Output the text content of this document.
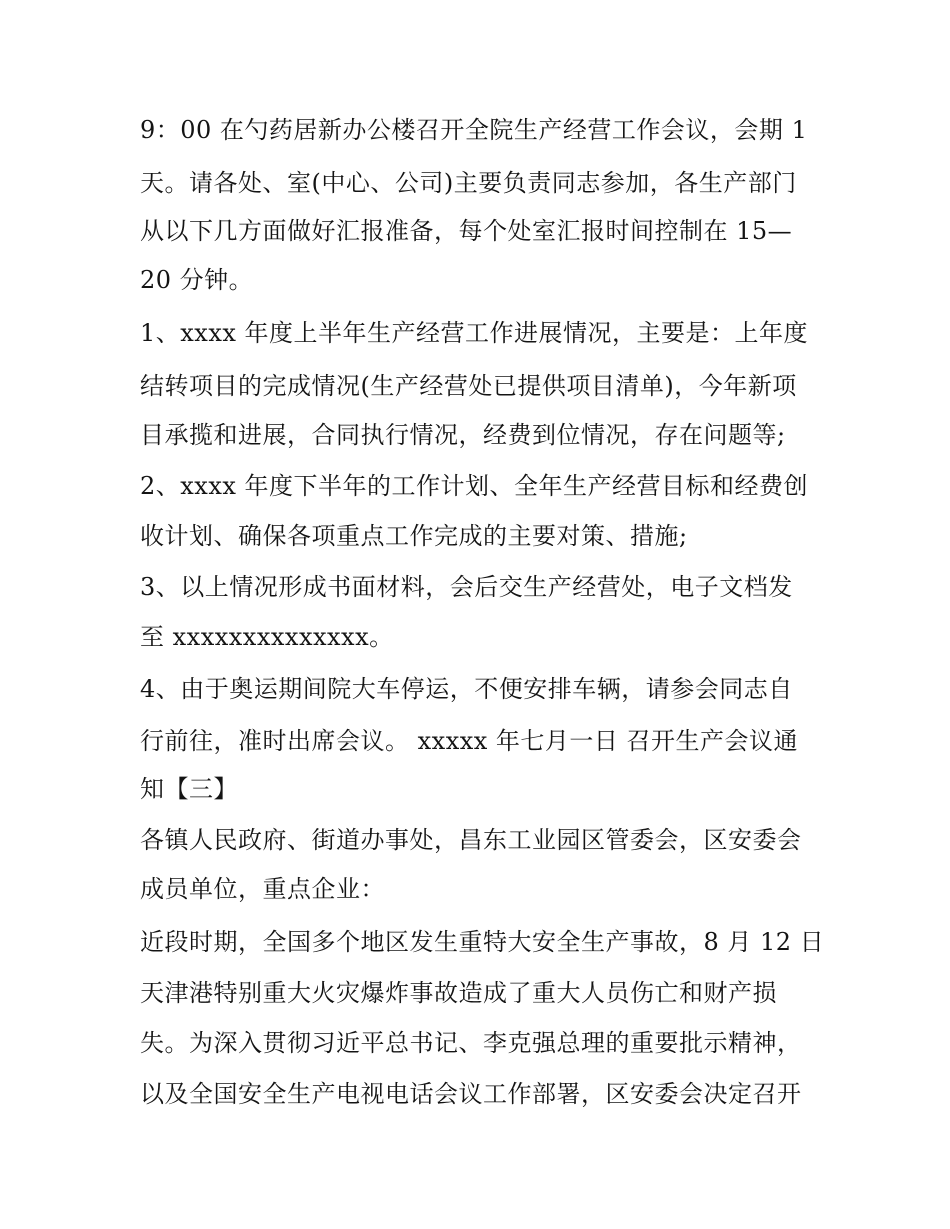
9：00 在勺药居新办公楼召开全院生产经营工作会议，会期 1
天。请各处、室(中心、公司)主要负责同志参加，各生产部门
从以下几方面做好汇报准备，每个处室汇报时间控制在 15—
20 分钟。
1、xxxx 年度上半年生产经营工作进展情况，主要是：上年度
结转项目的完成情况(生产经营处已提供项目清单)，今年新项
目承揽和进展，合同执行情况，经费到位情况，存在问题等;
2、xxxx 年度下半年的工作计划、全年生产经营目标和经费创
收计划、确保各项重点工作完成的主要对策、措施;
3、以上情况形成书面材料，会后交生产经营处，电子文档发
至 xxxxxxxxxxxxxx。
4、由于奥运期间院大车停运，不便安排车辆，请参会同志自
行前往，准时出席会议。 xxxxx 年七月一日 召开生产会议通
知【三】
各镇人民政府、街道办事处，昌东工业园区管委会，区安委会
成员单位，重点企业：
近段时期，全国多个地区发生重特大安全生产事故，8 月 12 日
天津港特别重大火灾爆炸事故造成了重大人员伤亡和财产损
失。为深入贯彻习近平总书记、李克强总理的重要批示精神，
以及全国安全生产电视电话会议工作部署，区安委会决定召开
